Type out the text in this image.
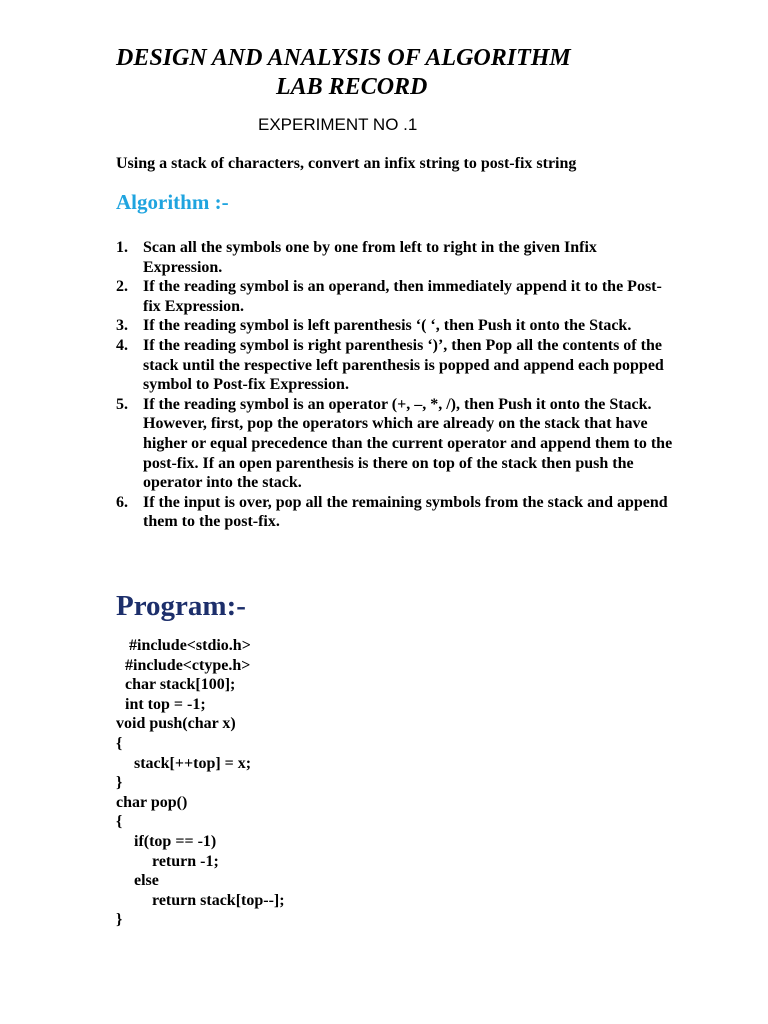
DESIGN AND ANALYSIS OF ALGORITHM
LAB RECORD
EXPERIMENT NO .1
Using a stack of characters, convert an infix string to post-fix string
Algorithm :-
1. Scan all the symbols one by one from left to right in the given Infix Expression.
2. If the reading symbol is an operand, then immediately append it to the Post-fix Expression.
3. If the reading symbol is left parenthesis ‘( ‘, then Push it onto the Stack.
4. If the reading symbol is right parenthesis ‘)’, then Pop all the contents of the stack until the respective left parenthesis is popped and append each popped symbol to Post-fix Expression.
5. If the reading symbol is an operator (+, –, *, /), then Push it onto the Stack. However, first, pop the operators which are already on the stack that have higher or equal precedence than the current operator and append them to the post-fix. If an open parenthesis is there on top of the stack then push the operator into the stack.
6. If the input is over, pop all the remaining symbols from the stack and append them to the post-fix.
Program:-
#include<stdio.h>
#include<ctype.h>
char stack[100];
int top = -1;
void push(char x)
{
stack[++top] = x;
}
char pop()
{
if(top == -1)
return -1;
else
return stack[top--];
}
